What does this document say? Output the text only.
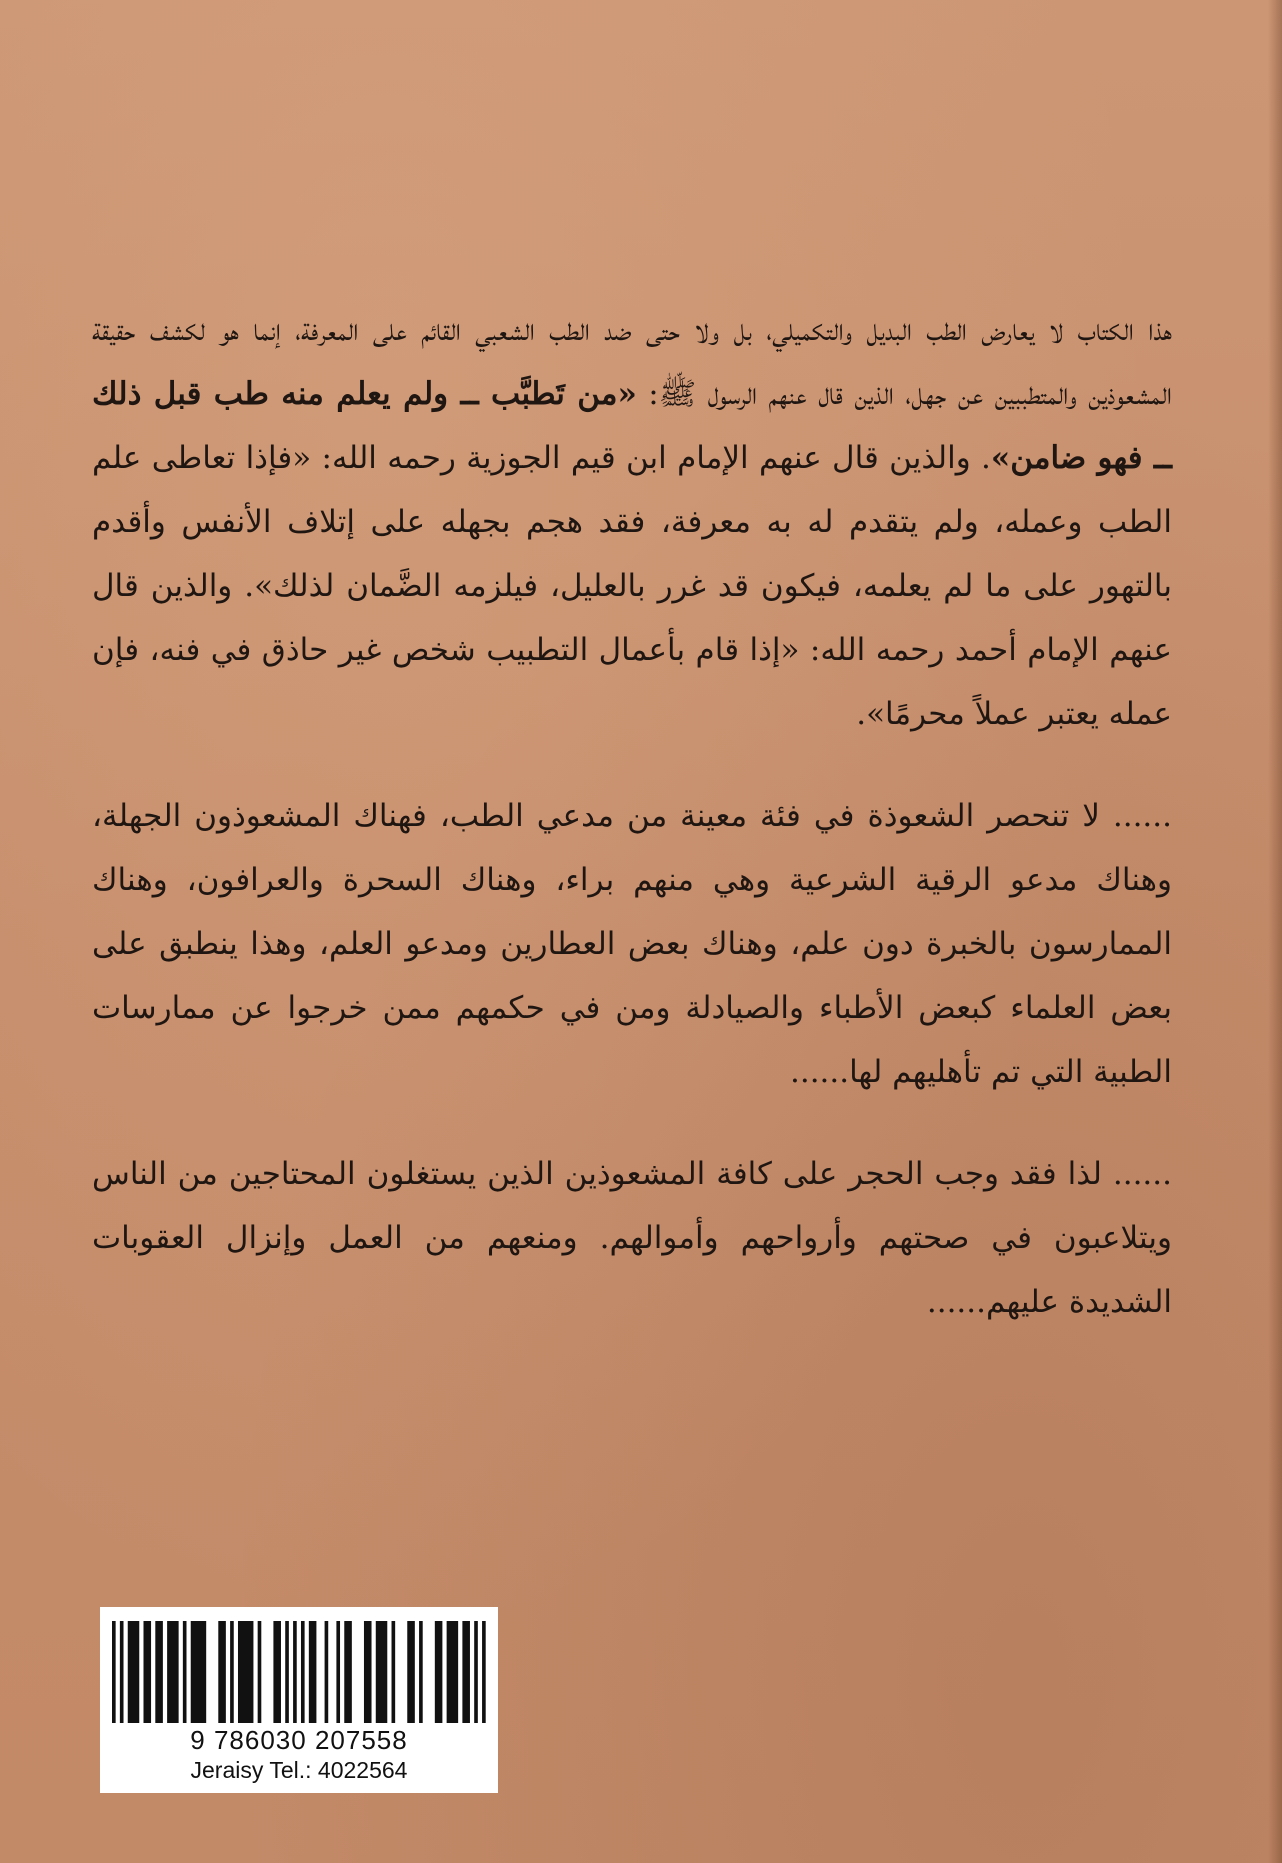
هذا الكتاب لا يعارض الطب البديل والتكميلي، بل ولا حتى ضد الطب الشعبي القائم على المعرفة، إنما هو لكشف حقيقة المشعوذين والمتطببين عن جهل، الذين قال عنهم الرسول ﷺ: «من تَطبَّب ــ ولم يعلم منه طب قبل ذلك ــ فهو ضامن». والذين قال عنهم الإمام ابن قيم الجوزية رحمه الله: «فإذا تعاطى علم الطب وعمله، ولم يتقدم له به معرفة، فقد هجم بجهله على إتلاف الأنفس وأقدم بالتهور على ما لم يعلمه، فيكون قد غرر بالعليل، فيلزمه الضَّمان لذلك». والذين قال عنهم الإمام أحمد رحمه الله: «إذا قام بأعمال التطبيب شخص غير حاذق في فنه، فإن عمله يعتبر عملاً محرمًا».

...... لا تنحصر الشعوذة في فئة معينة من مدعي الطب، فهناك المشعوذون الجهلة، وهناك مدعو الرقية الشرعية وهي منهم براء، وهناك السحرة والعرافون، وهناك الممارسون بالخبرة دون علم، وهناك بعض العطارين ومدعو العلم، وهذا ينطبق على بعض العلماء كبعض الأطباء والصيادلة ومن في حكمهم ممن خرجوا عن ممارسات الطبية التي تم تأهليهم لها......

...... لذا فقد وجب الحجر على كافة المشعوذين الذين يستغلون المحتاجين من الناس ويتلاعبون في صحتهم وأرواحهم وأموالهم. ومنعهم من العمل وإنزال العقوبات الشديدة عليهم......

9 786030 207558
Jeraisy Tel.: 4022564
